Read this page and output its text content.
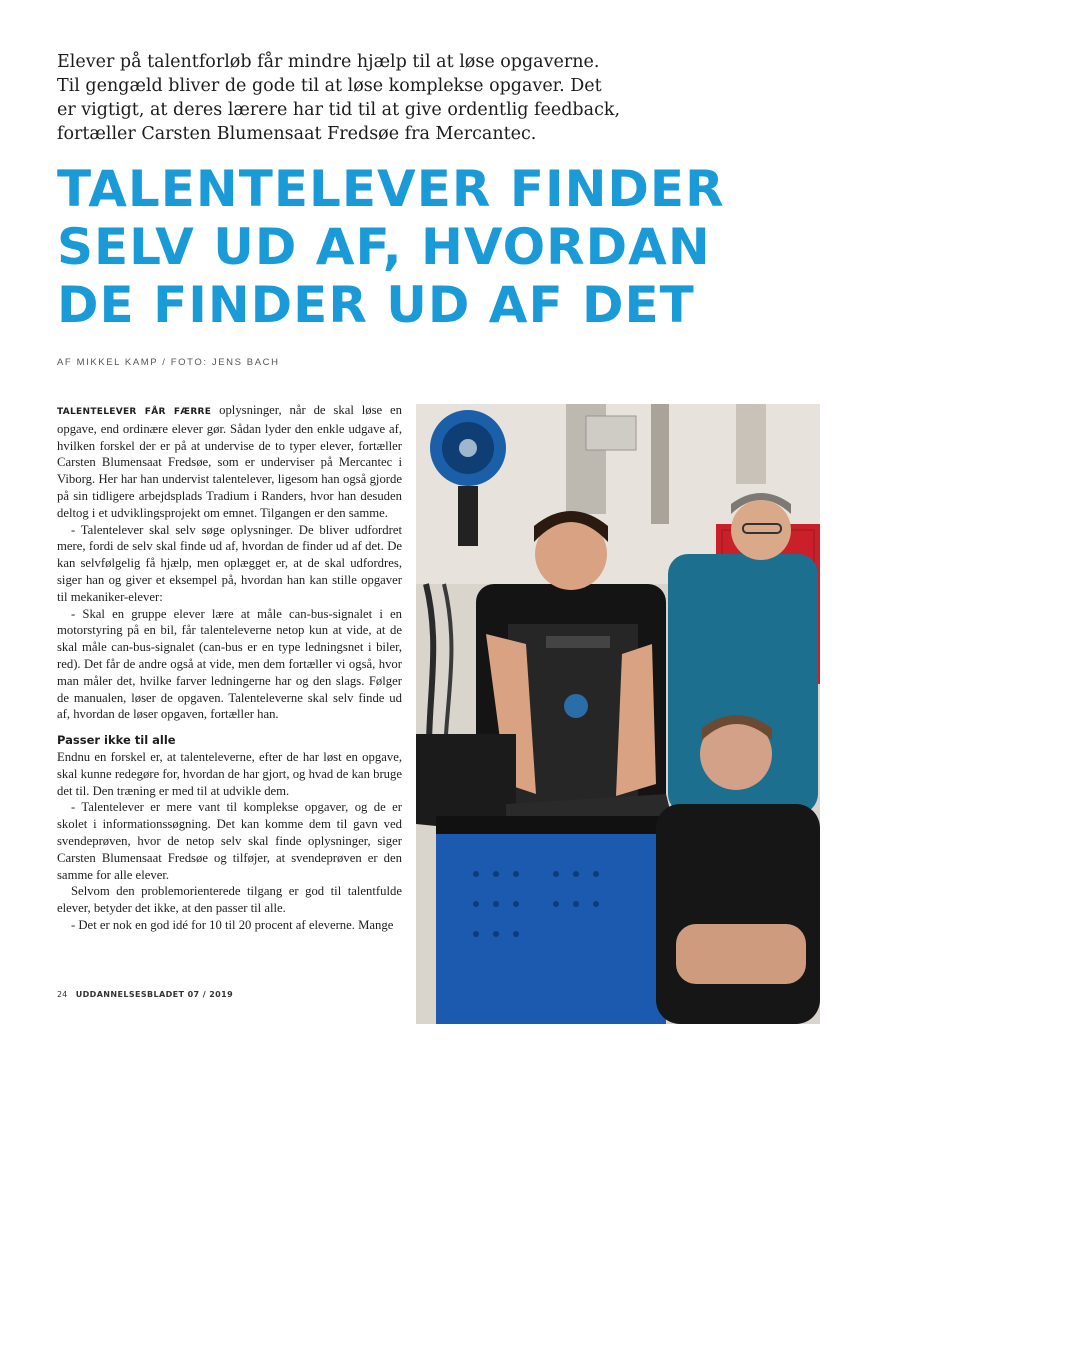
Elever på talentforløb får mindre hjælp til at løse opgaverne.
Til gengæld bliver de gode til at løse komplekse opgaver. Det
er vigtigt, at deres lærere har tid til at give ordentlig feedback,
fortæller Carsten Blumensaat Fredsøe fra Mercantec.
TALENTELEVER FINDER
SELV UD AF, HVORDAN
DE FINDER UD AF DET
AF MIKKEL KAMP / FOTO: JENS BACH

TALENTELEVER FÅR FÆRRE oplysninger, når de skal løse en opgave, end ordinære elever gør. Sådan lyder den enkle udgave af, hvilken forskel der er på at undervise de to typer elever, fortæller Carsten Blumensaat Fredsøe, som er underviser på Mercantec i Viborg. Her har han undervist talentelever, ligesom han også gjorde på sin tidligere arbejdsplads Tradium i Randers, hvor han desuden deltog i et udviklingsprojekt om emnet. Tilgangen er den samme.

- Talentelever skal selv søge oplysninger. De bliver udfordret mere, fordi de selv skal finde ud af, hvordan de finder ud af det. De kan selvfølgelig få hjælp, men oplægget er, at de skal udfordres, siger han og giver et eksempel på, hvordan han kan stille opgaver til mekaniker-elever:

- Skal en gruppe elever lære at måle can-bus-signalet i en motorstyring på en bil, får talenteleverne netop kun at vide, at de skal måle can-bus-signalet (can-bus er en type ledningsnet i biler, red). Det får de andre også at vide, men dem fortæller vi også, hvor man måler det, hvilke farver ledningerne har og den slags. Følger de manualen, løser de opgaven. Talenteleverne skal selv finde ud af, hvordan de løser opgaven, fortæller han.

Passer ikke til alle

Endnu en forskel er, at talenteleverne, efter de har løst en opgave, skal kunne redegøre for, hvordan de har gjort, og hvad de kan bruge det til. Den træning er med til at udvikle dem.

- Talentelever er mere vant til komplekse opgaver, og de er skolet i informationssøgning. Det kan komme dem til gavn ved svendeprøven, hvor de netop selv skal finde oplysninger, siger Carsten Blumensaat Fredsøe og tilføjer, at svendeprøven er den samme for alle elever.

Selvom den problemorienterede tilgang er god til talentfulde elever, betyder det ikke, at den passer til alle.

- Det er nok en god idé for 10 til 20 procent af eleverne. Mange

24 UDDANNELSESBLADET 07 / 2019
Talenteleverne lærer selv at søge oplysningerne.
